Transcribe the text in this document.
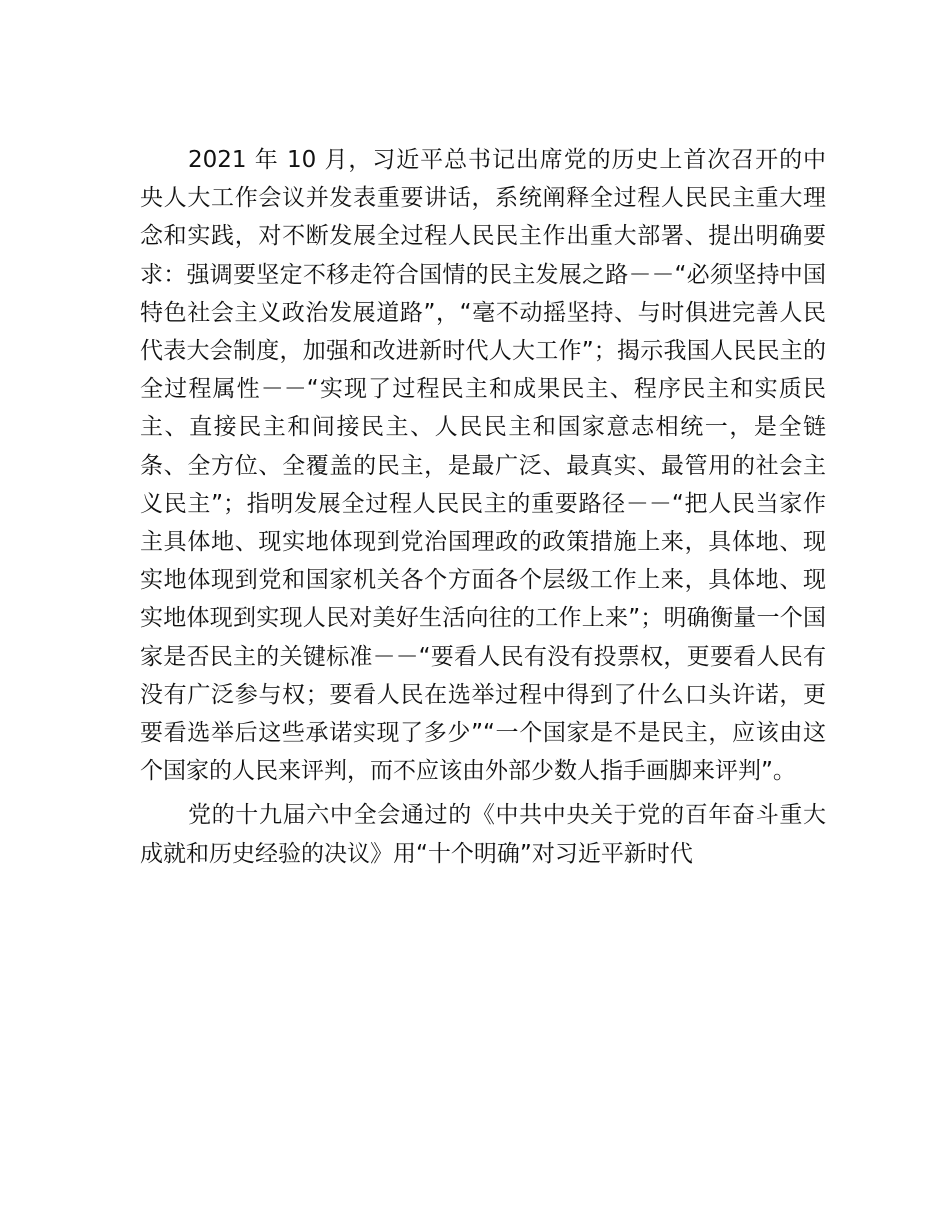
2021 年 10 月，习近平总书记出席党的历史上首次召开的中央人大工作会议并发表重要讲话，系统阐释全过程人民民主重大理念和实践，对不断发展全过程人民民主作出重大部署、提出明确要求：强调要坚定不移走符合国情的民主发展之路－－“必须坚持中国特色社会主义政治发展道路”，“毫不动摇坚持、与时俱进完善人民代表大会制度，加强和改进新时代人大工作”；揭示我国人民民主的全过程属性－－“实现了过程民主和成果民主、程序民主和实质民主、直接民主和间接民主、人民民主和国家意志相统一，是全链条、全方位、全覆盖的民主，是最广泛、最真实、最管用的社会主义民主”；指明发展全过程人民民主的重要路径－－“把人民当家作主具体地、现实地体现到党治国理政的政策措施上来，具体地、现实地体现到党和国家机关各个方面各个层级工作上来，具体地、现实地体现到实现人民对美好生活向往的工作上来”；明确衡量一个国家是否民主的关键标准－－“要看人民有没有投票权，更要看人民有没有广泛参与权；要看人民在选举过程中得到了什么口头许诺，更要看选举后这些承诺实现了多少”“一个国家是不是民主，应该由这个国家的人民来评判，而不应该由外部少数人指手画脚来评判”。

党的十九届六中全会通过的《中共中央关于党的百年奋斗重大成就和历史经验的决议》用“十个明确”对习近平新时代
